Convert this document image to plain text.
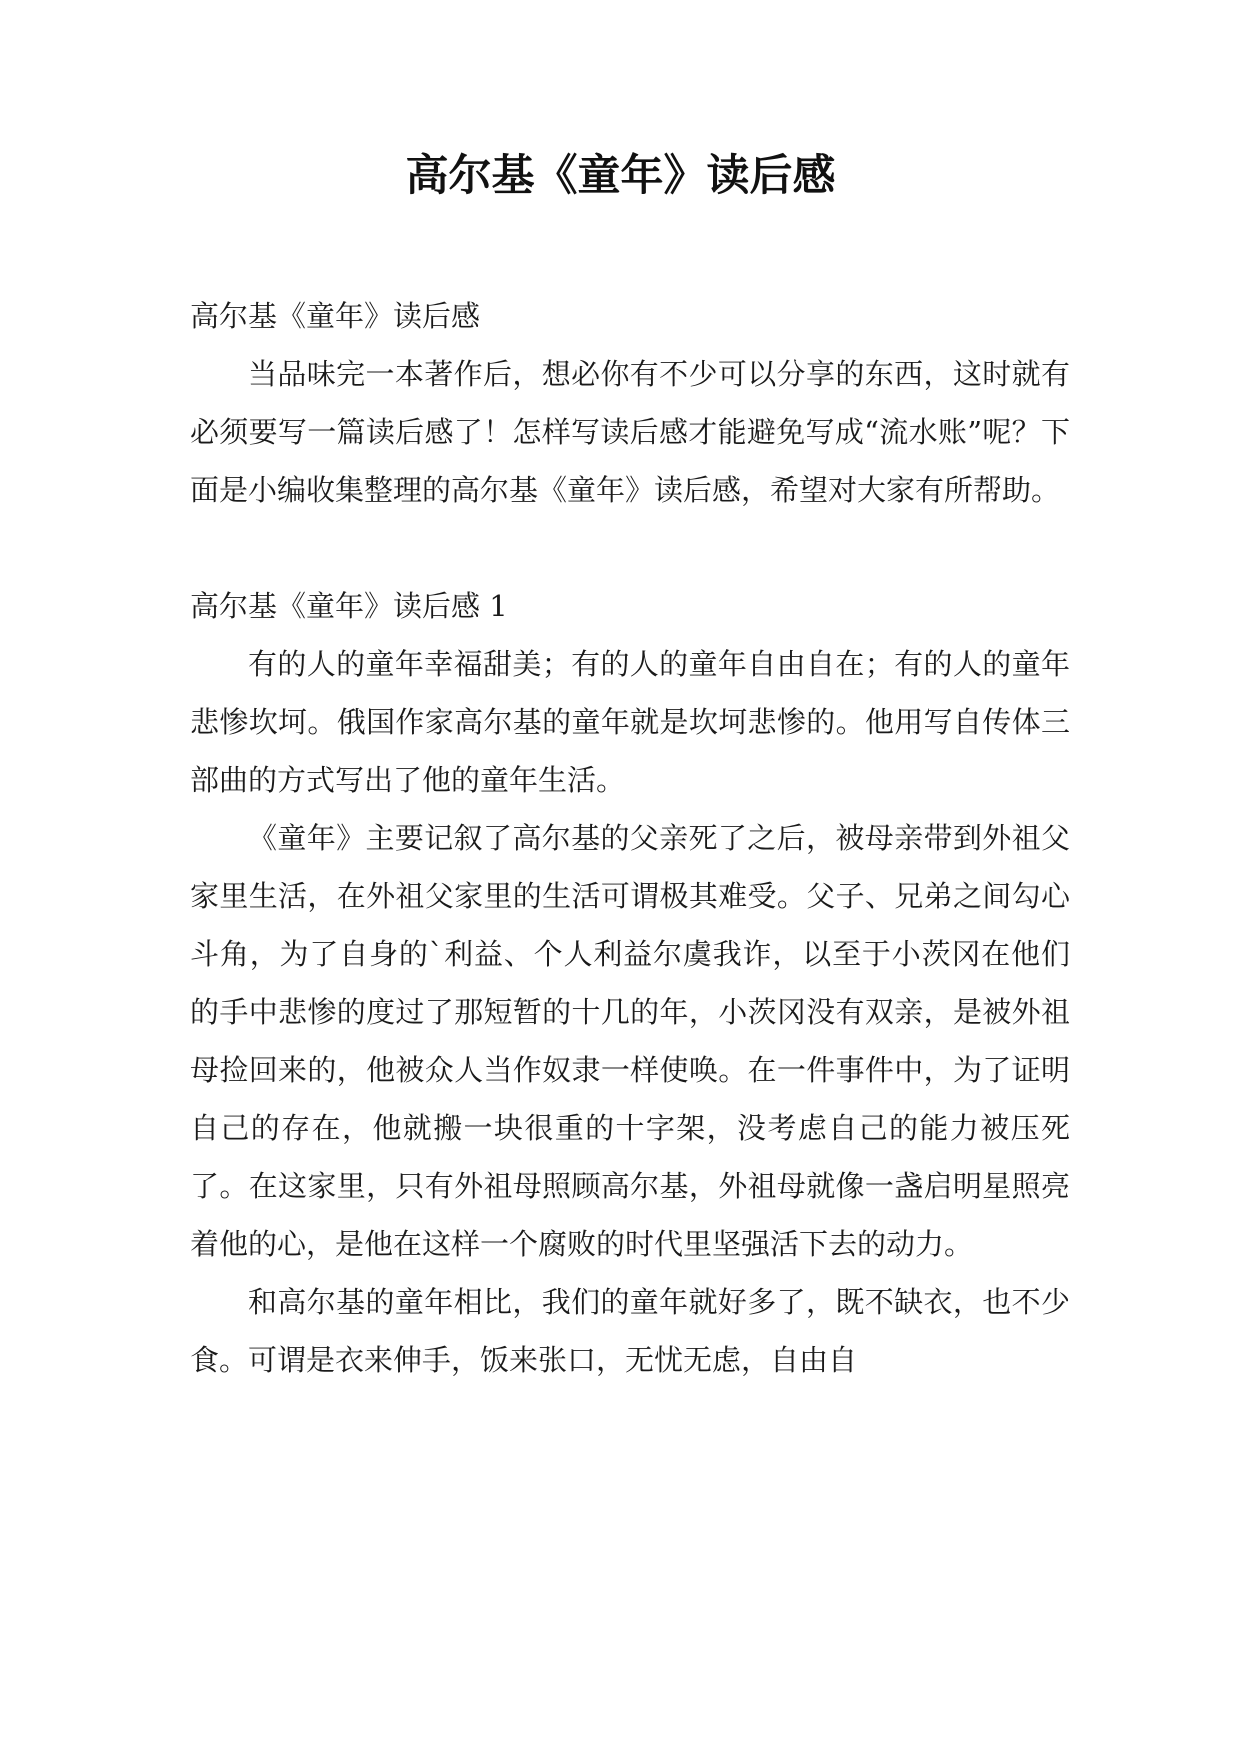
高尔基《童年》读后感

高尔基《童年》读后感

当品味完一本著作后，想必你有不少可以分享的东西，这时就有必须要写一篇读后感了！怎样写读后感才能避免写成“流水账”呢？下面是小编收集整理的高尔基《童年》读后感，希望对大家有所帮助。

高尔基《童年》读后感 1

有的人的童年幸福甜美；有的人的童年自由自在；有的人的童年悲惨坎坷。俄国作家高尔基的童年就是坎坷悲惨的。他用写自传体三部曲的方式写出了他的童年生活。

《童年》主要记叙了高尔基的父亲死了之后，被母亲带到外祖父家里生活，在外祖父家里的生活可谓极其难受。父子、兄弟之间勾心斗角，为了自身的`利益、个人利益尔虞我诈，以至于小茨冈在他们的手中悲惨的度过了那短暂的十几的年，小茨冈没有双亲，是被外祖母捡回来的，他被众人当作奴隶一样使唤。在一件事件中，为了证明自己的存在，他就搬一块很重的十字架，没考虑自己的能力被压死了。在这家里，只有外祖母照顾高尔基，外祖母就像一盏启明星照亮着他的心，是他在这样一个腐败的时代里坚强活下去的动力。

和高尔基的童年相比，我们的童年就好多了，既不缺衣，也不少食。可谓是衣来伸手，饭来张口，无忧无虑，自由自
